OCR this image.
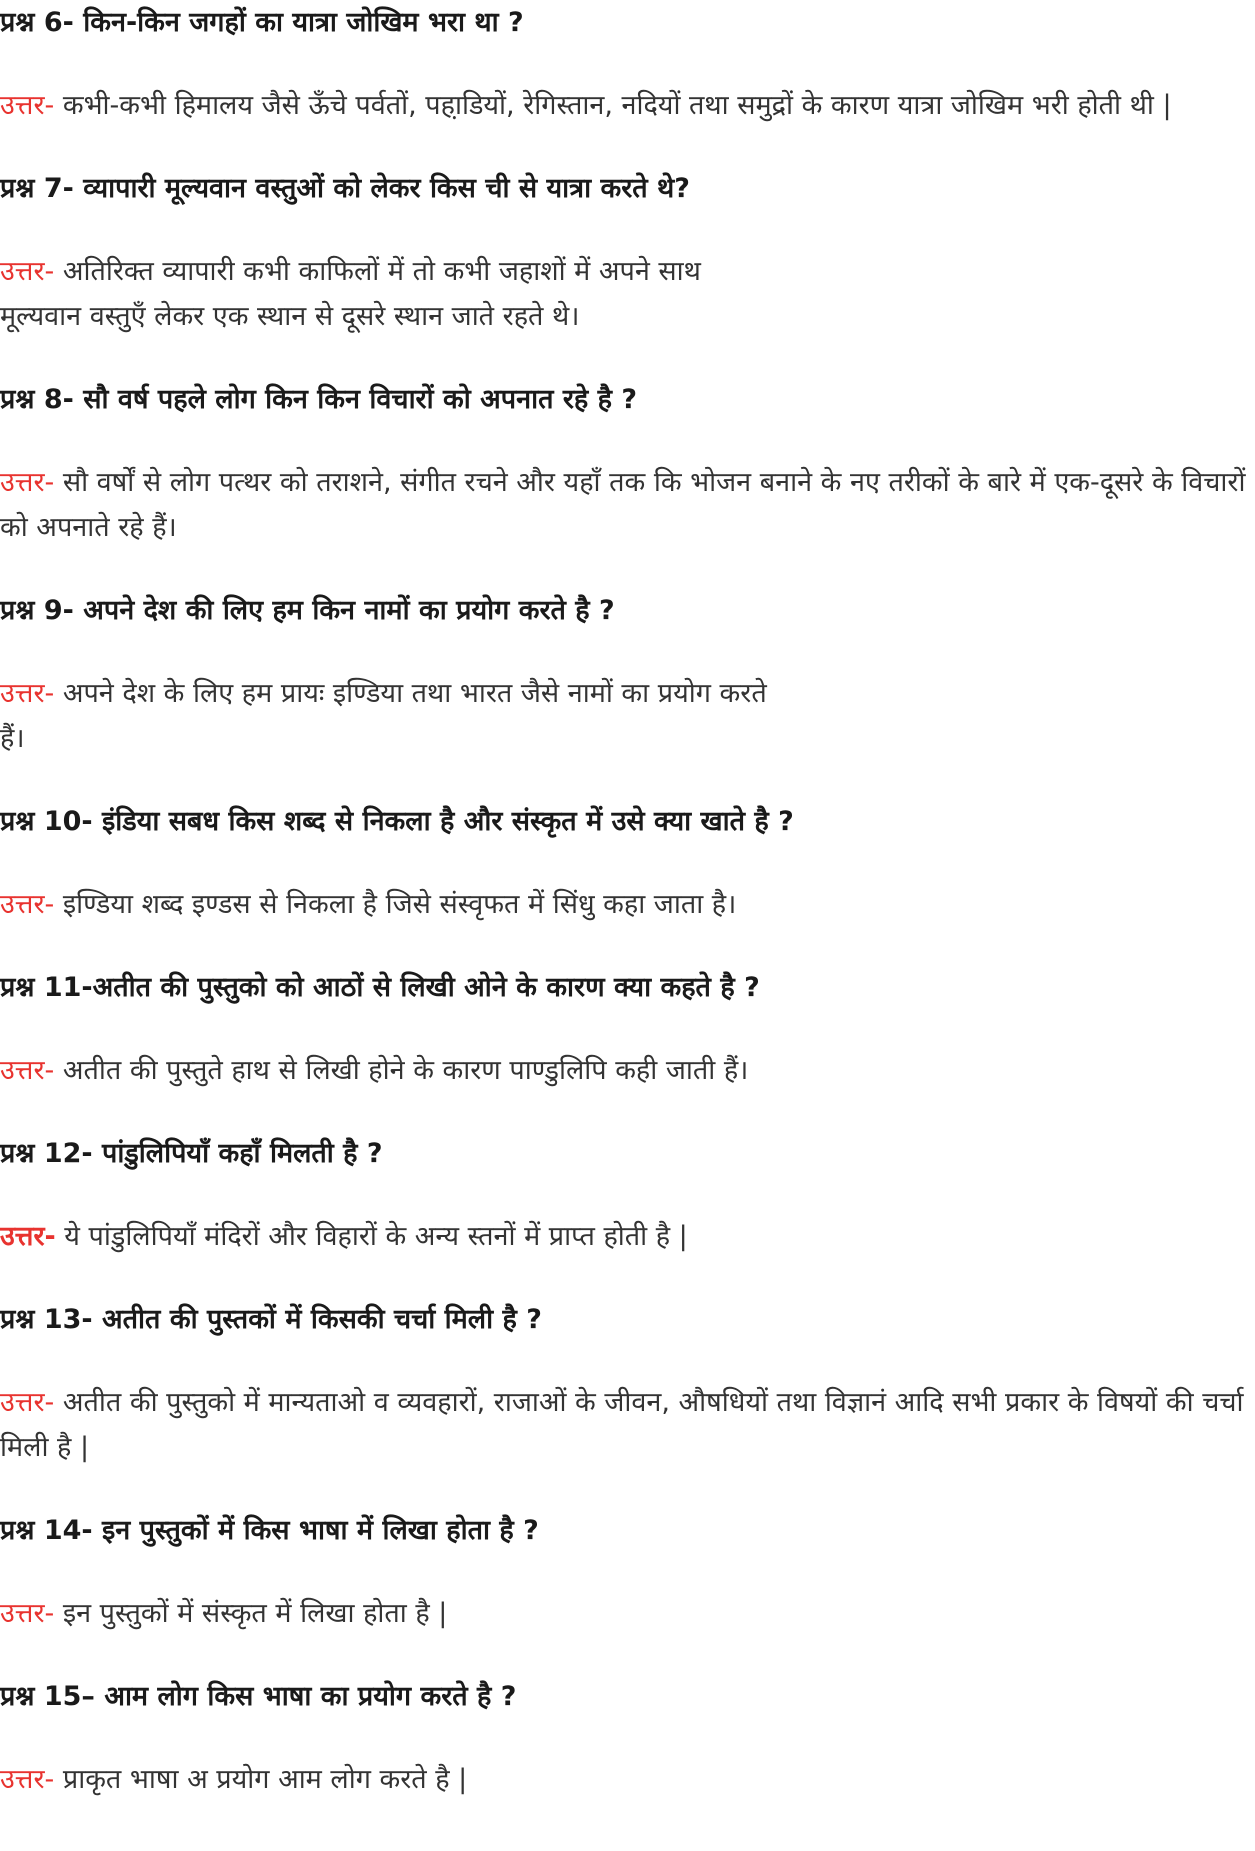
प्रश्न 6- किन-किन जगहों का यात्रा जोखिम भरा था ?
उत्तर- कभी-कभी हिमालय जैसे ऊँचे पर्वतों, पहा़डियों, रेगिस्तान, नदियों तथा समुद्रों के कारण यात्रा जोखिम भरी होती थी |
प्रश्न 7- व्यापारी मूल्यवान वस्तुओं को लेकर किस ची से यात्रा करते थे?
उत्तर- अतिरिक्त व्यापारी कभी काफिलों में तो कभी जहाशों में अपने साथ
मूल्यवान वस्तुएँ लेकर एक स्थान से दूसरे स्थान जाते रहते थे।
प्रश्न 8- सौ वर्ष पहले लोग किन किन विचारों को अपनात रहे है ?
उत्तर- सौ वर्षों से लोग पत्थर को तराशने, संगीत रचने और यहाँ तक कि भोजन बनाने के नए तरीकों के बारे में एक-दूसरे के विचारों को अपनाते रहे हैं।
प्रश्न 9- अपने देश की लिए हम किन नामों का प्रयोग करते है ?
उत्तर- अपने देश के लिए हम प्रायः इण्डिया तथा भारत जैसे नामों का प्रयोग करते
हैं।
प्रश्न 10- इंडिया सबध किस शब्द से निकला है और संस्कृत में उसे क्या खाते है ?
उत्तर- इण्डिया शब्द इण्डस से निकला है जिसे संस्वृफत में सिंधु कहा जाता है।
प्रश्न 11-अतीत की पुस्तुको को आठों से लिखी ओने के कारण क्या कहते है ?
उत्तर- अतीत की पुस्तुते हाथ से लिखी होने के कारण पाण्डुलिपि कही जाती हैं।
प्रश्न 12- पांडुलिपियाँ कहाँ मिलती है ?
उत्तर- ये पांडुलिपियाँ मंदिरों और विहारों के अन्य स्तनों में प्राप्त होती है |
प्रश्न 13- अतीत की पुस्तकों में किसकी चर्चा मिली है ?
उत्तर- अतीत की पुस्तुको में मान्यताओ व व्यवहारों, राजाओं के जीवन, औषधियों तथा विज्ञानं आदि सभी प्रकार के विषयों की चर्चा मिली है |
प्रश्न 14- इन पुस्तुकों में किस भाषा में लिखा होता है ?
उत्तर- इन पुस्तुकों में संस्कृत में लिखा होता है |
प्रश्न 15– आम लोग किस भाषा का प्रयोग करते है ?
उत्तर- प्राकृत भाषा अ प्रयोग आम लोग करते है |
